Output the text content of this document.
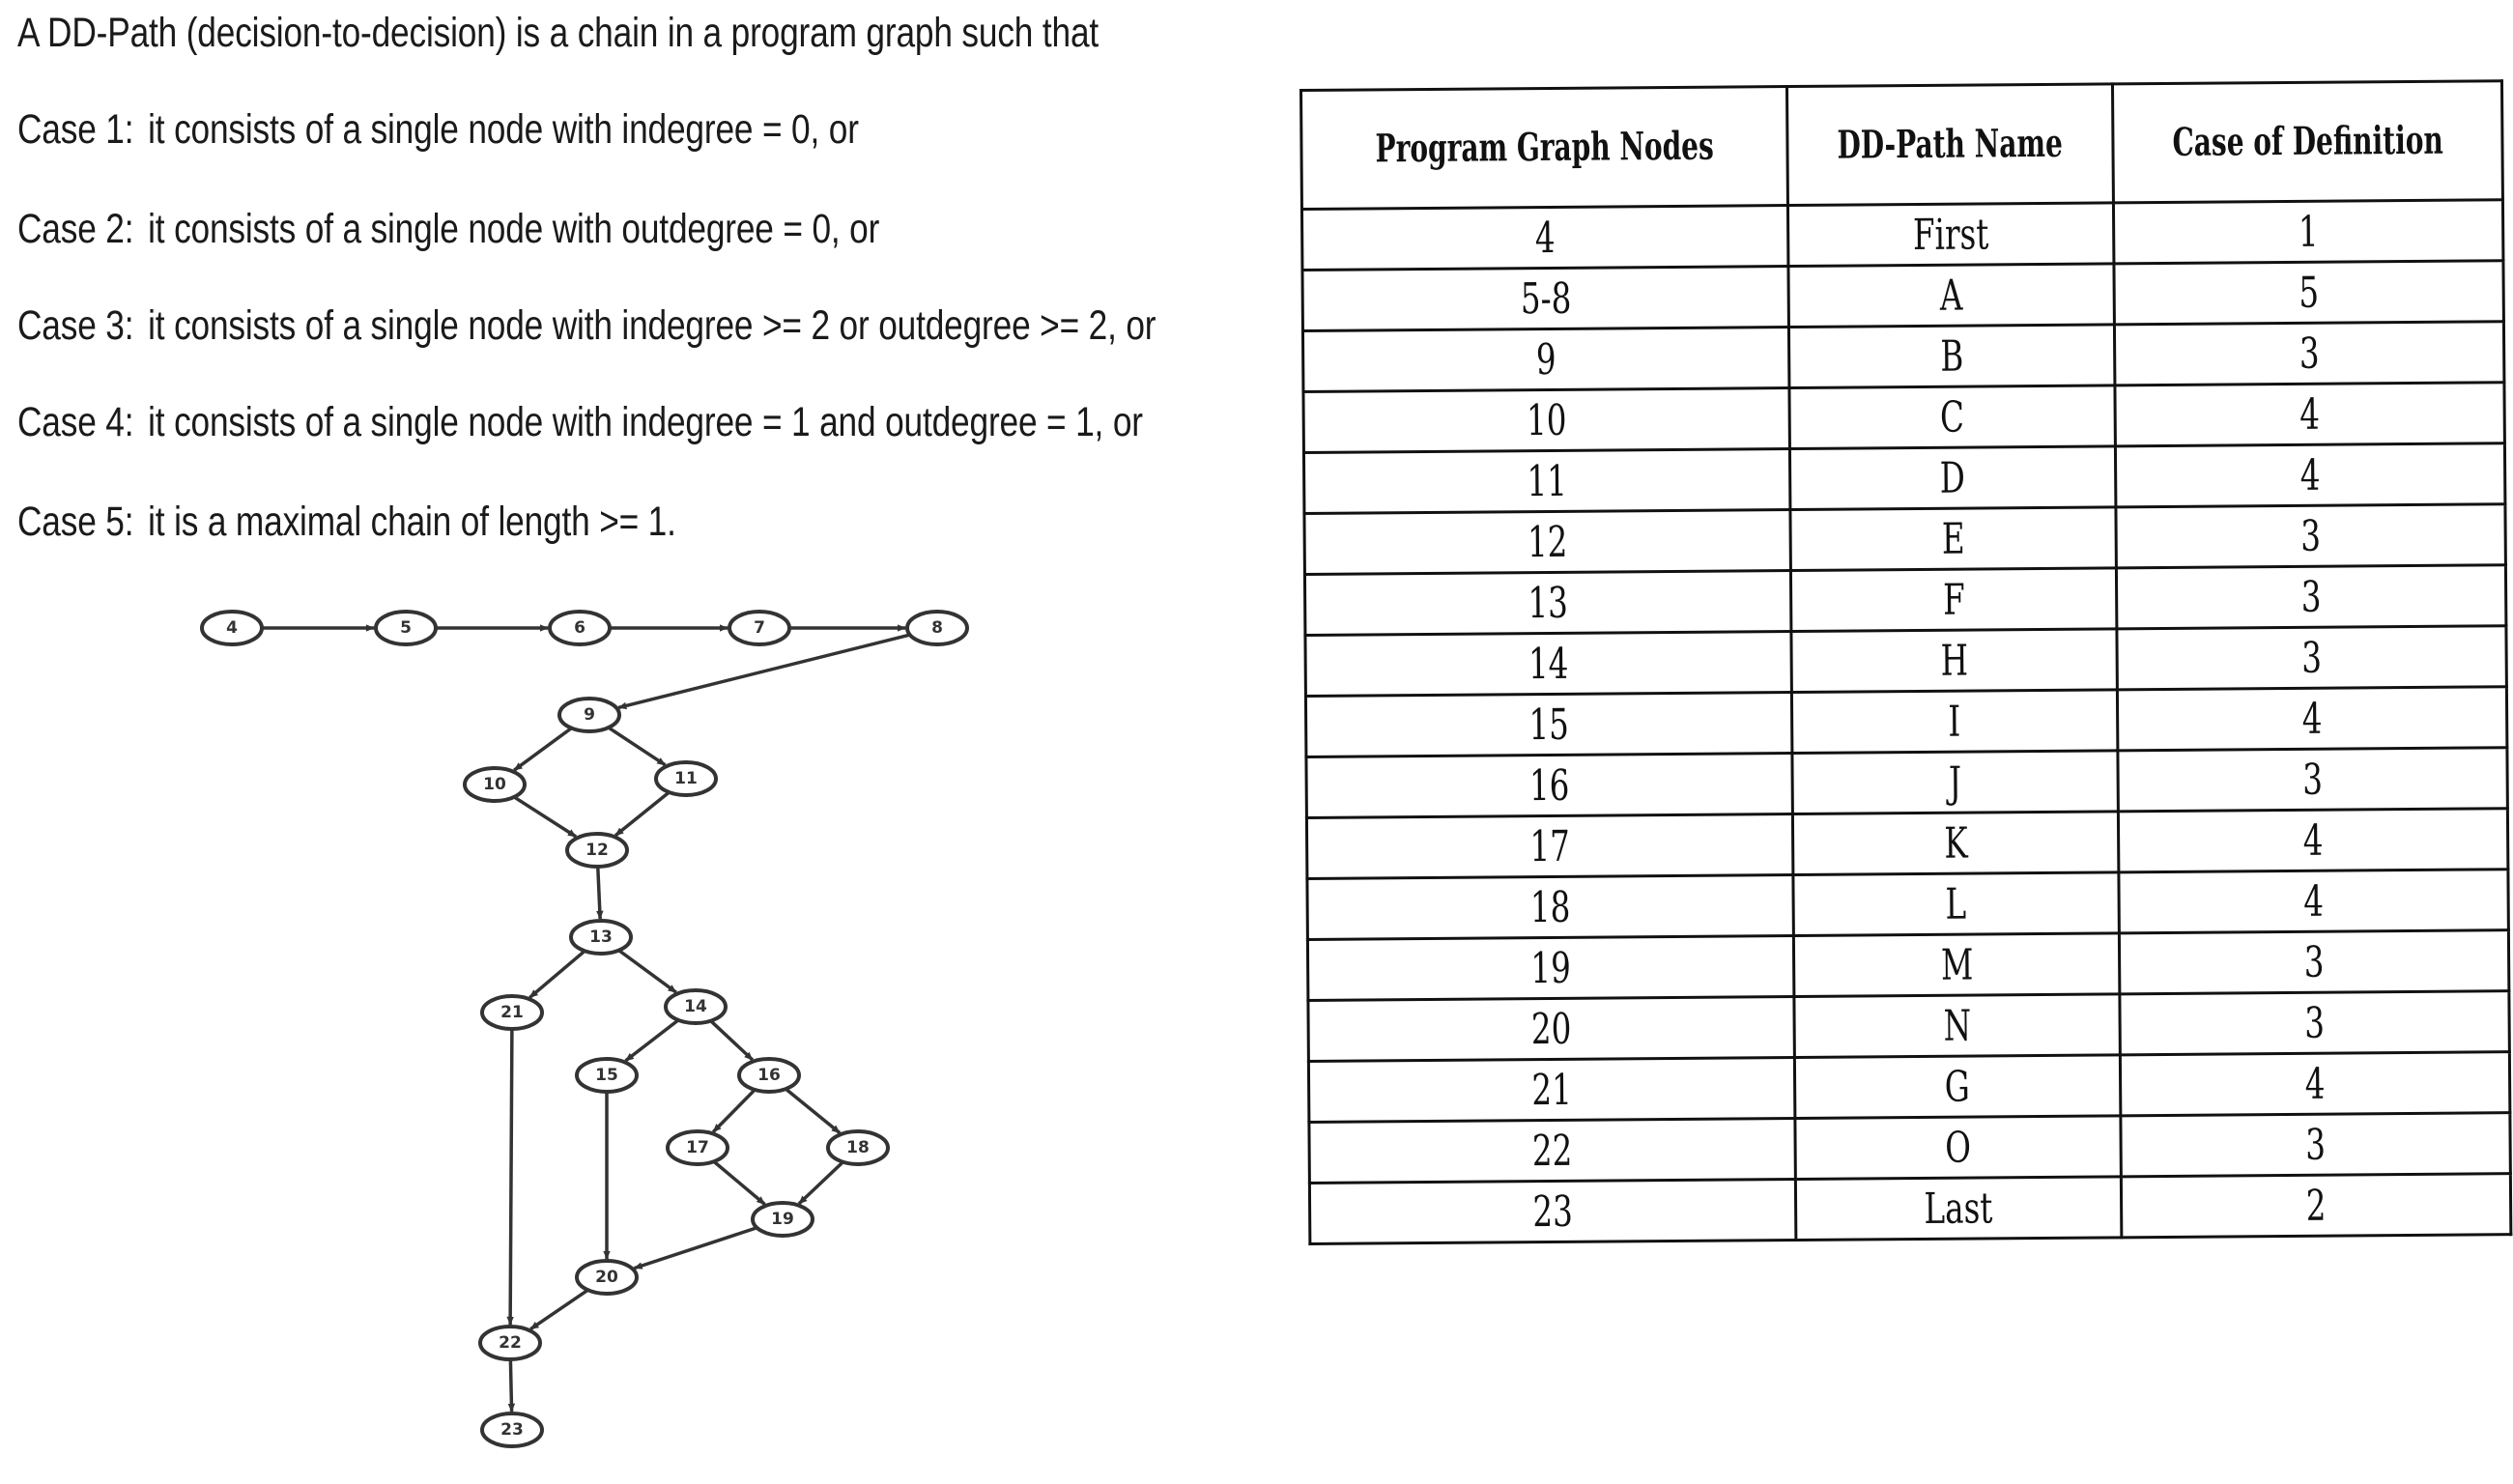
A DD-Path (decision-to-decision) is a chain in a program graph such that
Case 1: it consists of a single node with indegree = 0, or
Case 2: it consists of a single node with outdegree = 0, or
Case 3: it consists of a single node with indegree >= 2 or outdegree >= 2, or
Case 4: it consists of a single node with indegree = 1 and outdegree = 1, or
Case 5: it is a maximal chain of length >= 1.
4	5	6	7	8
9
10	11
12
13
14
15	16
17	18
19
20
21
22
23
Program Graph Nodes	DD-Path Name	Case of Definition
4	First	1
5-8	A	5
9	B	3
10	C	4
11	D	4
12	E	3
13	F	3
14	H	3
15	I	4
16	J	3
17	K	4
18	L	4
19	M	3
20	N	3
21	G	4
22	O	3
23	Last	2
